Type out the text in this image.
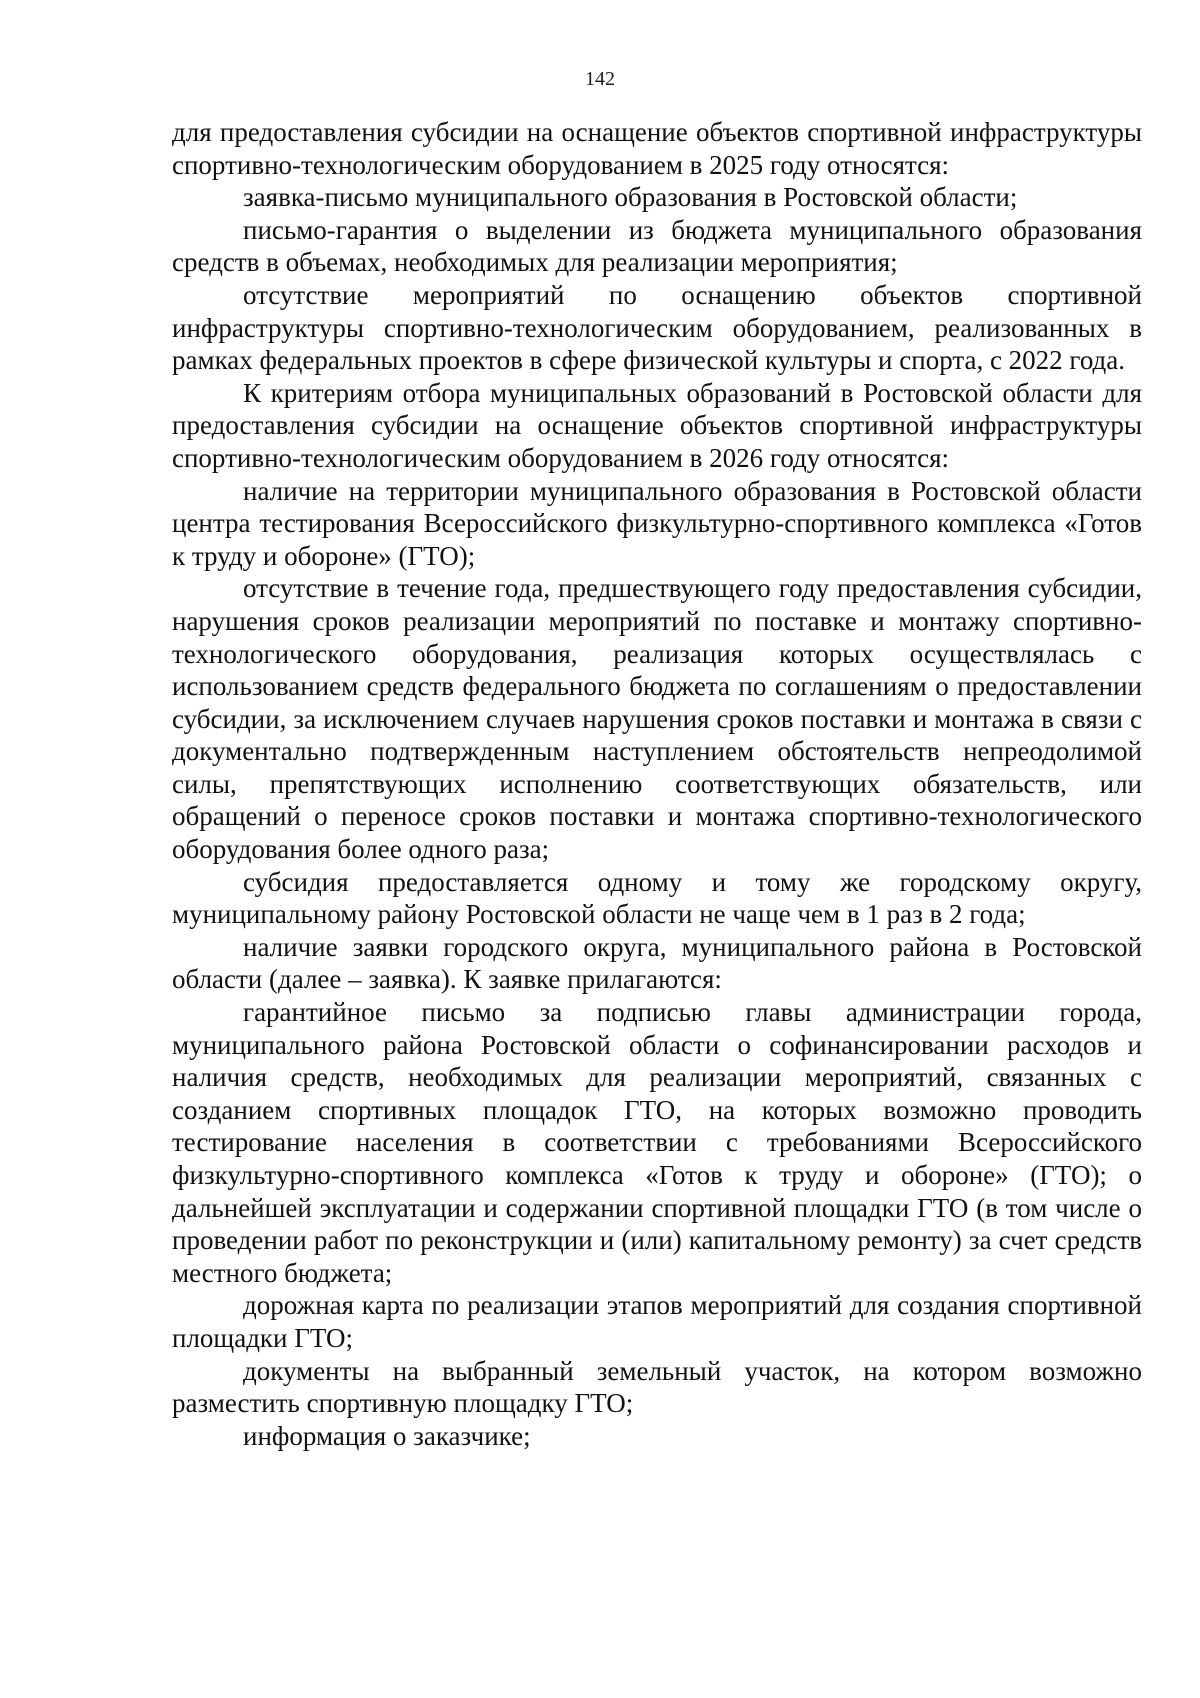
142

для предоставления субсидии на оснащение объектов спортивной инфраструктуры спортивно-технологическим оборудованием в 2025 году относятся:

заявка-письмо муниципального образования в Ростовской области;

письмо-гарантия о выделении из бюджета муниципального образования средств в объемах, необходимых для реализации мероприятия;

отсутствие мероприятий по оснащению объектов спортивной инфраструктуры спортивно-технологическим оборудованием, реализованных в рамках федеральных проектов в сфере физической культуры и спорта, с 2022 года.

К критериям отбора муниципальных образований в Ростовской области для предоставления субсидии на оснащение объектов спортивной инфраструктуры спортивно-технологическим оборудованием в 2026 году относятся:

наличие на территории муниципального образования в Ростовской области центра тестирования Всероссийского физкультурно-спортивного комплекса «Готов к труду и обороне» (ГТО);

отсутствие в течение года, предшествующего году предоставления субсидии, нарушения сроков реализации мероприятий по поставке и монтажу спортивно-технологического оборудования, реализация которых осуществлялась с использованием средств федерального бюджета по соглашениям о предоставлении субсидии, за исключением случаев нарушения сроков поставки и монтажа в связи с документально подтвержденным наступлением обстоятельств непреодолимой силы, препятствующих исполнению соответствующих обязательств, или обращений о переносе сроков поставки и монтажа спортивно-технологического оборудования более одного раза;

субсидия предоставляется одному и тому же городскому округу, муниципальному району Ростовской области не чаще чем в 1 раз в 2 года;

наличие заявки городского округа, муниципального района в Ростовской области (далее – заявка). К заявке прилагаются:

гарантийное письмо за подписью главы администрации города, муниципального района Ростовской области о софинансировании расходов и наличия средств, необходимых для реализации мероприятий, связанных с созданием спортивных площадок ГТО, на которых возможно проводить тестирование населения в соответствии с требованиями Всероссийского физкультурно-спортивного комплекса «Готов к труду и обороне» (ГТО); о дальнейшей эксплуатации и содержании спортивной площадки ГТО (в том числе о проведении работ по реконструкции и (или) капитальному ремонту) за счет средств местного бюджета;

дорожная карта по реализации этапов мероприятий для создания спортивной площадки ГТО;

документы на выбранный земельный участок, на котором возможно разместить спортивную площадку ГТО;

информация о заказчике;
